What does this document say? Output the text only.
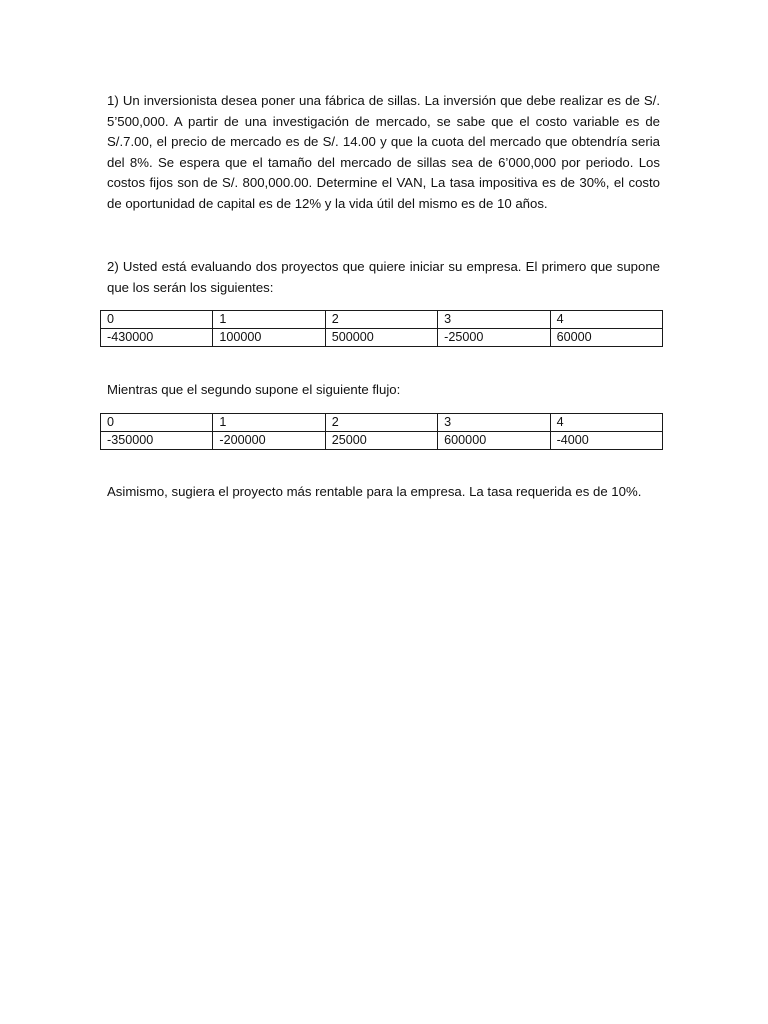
1) Un inversionista desea poner una fábrica de sillas. La inversión que debe realizar es de S/. 5’500,000. A partir de una investigación de mercado, se sabe que el costo variable es de S/.7.00, el precio de mercado es de S/. 14.00 y que la cuota del mercado que obtendría seria del 8%. Se espera que el tamaño del mercado de sillas sea de 6’000,000 por periodo. Los costos fijos son de S/. 800,000.00. Determine el VAN, La tasa impositiva es de 30%, el costo de oportunidad de capital es de 12% y la vida útil del mismo es de 10 años.

2) Usted está evaluando dos proyectos que quiere iniciar su empresa. El primero que supone que los serán los siguientes:

0	1	2	3	4
-430000	100000	500000	-25000	60000

Mientras que el segundo supone el siguiente flujo:

0	1	2	3	4
-350000	-200000	25000	600000	-4000

Asimismo, sugiera el proyecto más rentable para la empresa. La tasa requerida es de 10%.
